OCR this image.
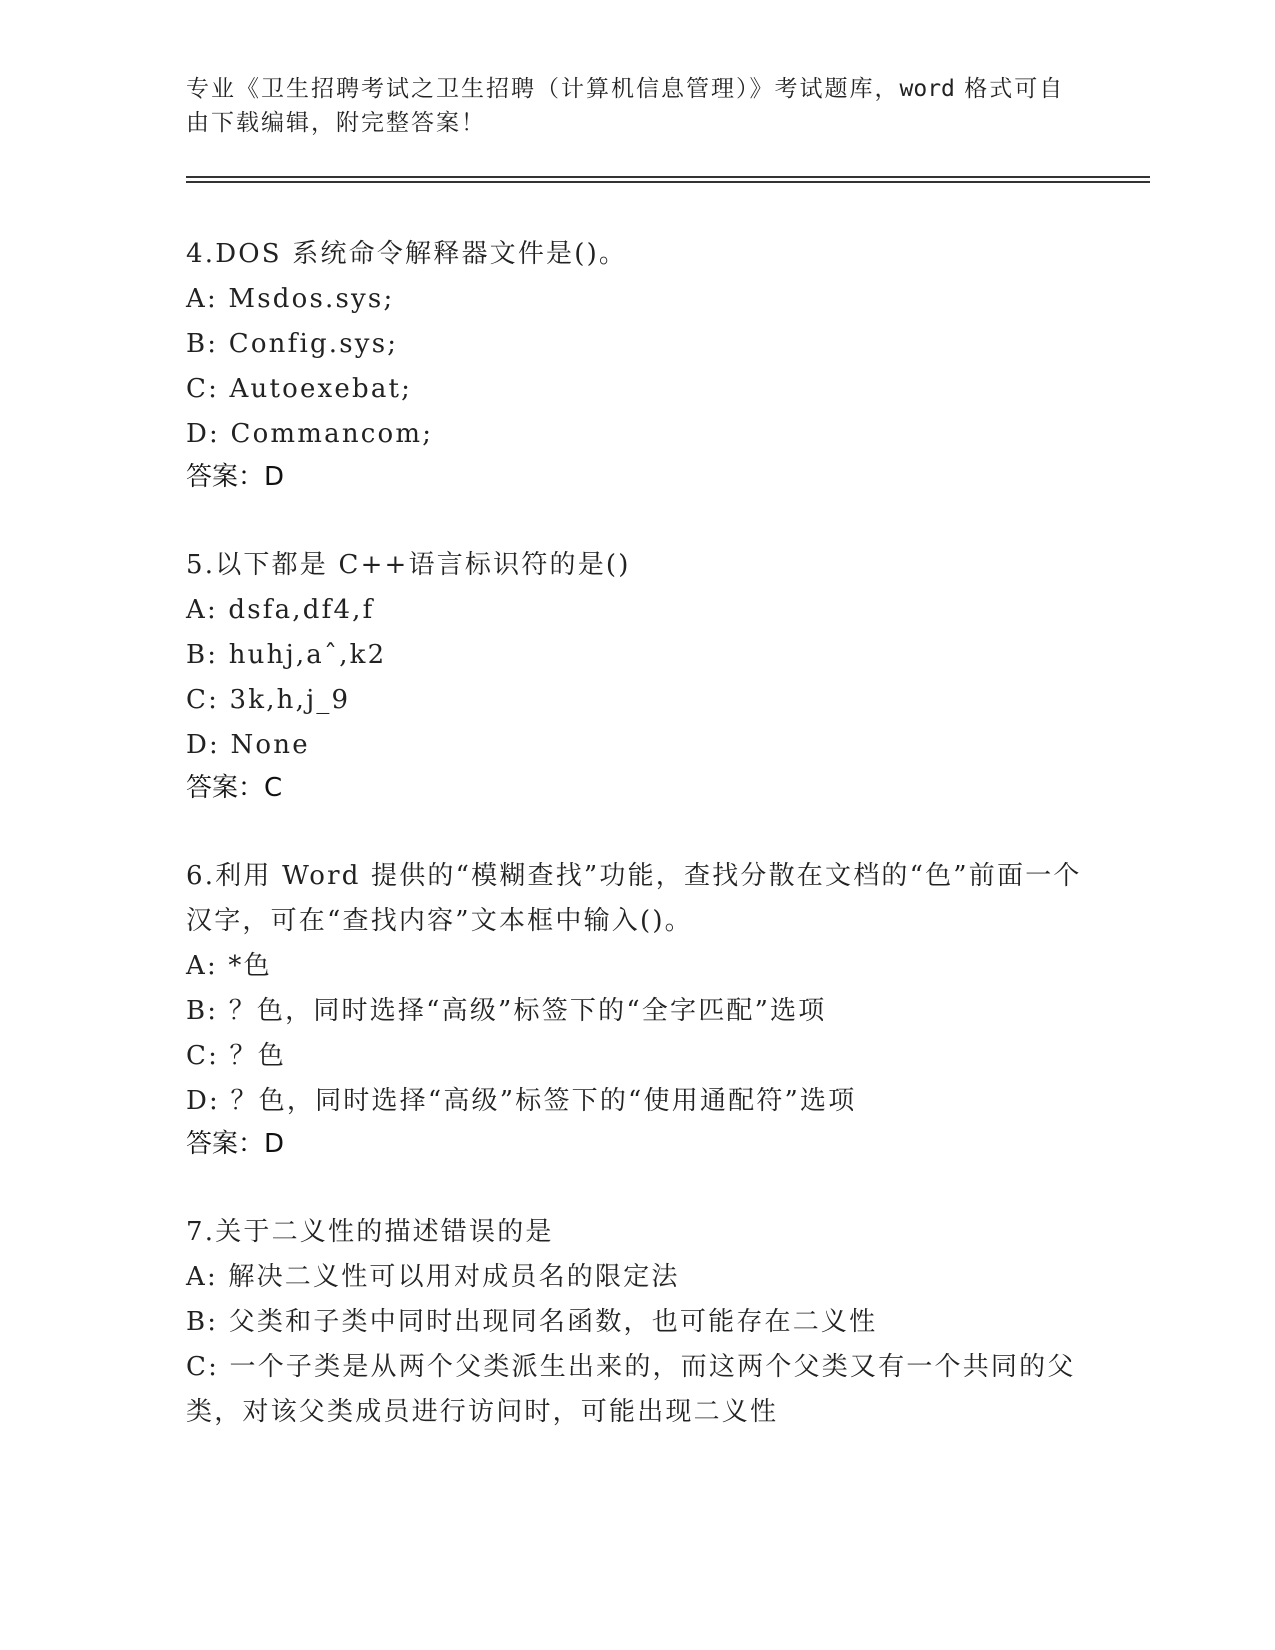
专业《卫生招聘考试之卫生招聘（计算机信息管理）》考试题库，word 格式可自由下载编辑，附完整答案！
4.DOS 系统命令解释器文件是()。
A: Msdos.sys;
B: Config.sys;
C: Autoexebat;
D: Commancom;
答案：D
5.以下都是 C++语言标识符的是()
A: dsfa,df4,f
B: huhj,aˆ,k2
C: 3k,h,j_9
D: None
答案：C
6.利用 Word 提供的“模糊查找”功能，查找分散在文档的“色”前面一个汉字，可在“查找内容”文本框中输入()。
A: *色
B: ？色，同时选择“高级”标签下的“全字匹配”选项
C: ？色
D: ？色，同时选择“高级”标签下的“使用通配符”选项
答案：D
7.关于二义性的描述错误的是
A: 解决二义性可以用对成员名的限定法
B: 父类和子类中同时出现同名函数，也可能存在二义性
C: 一个子类是从两个父类派生出来的，而这两个父类又有一个共同的父类，对该父类成员进行访问时，可能出现二义性
